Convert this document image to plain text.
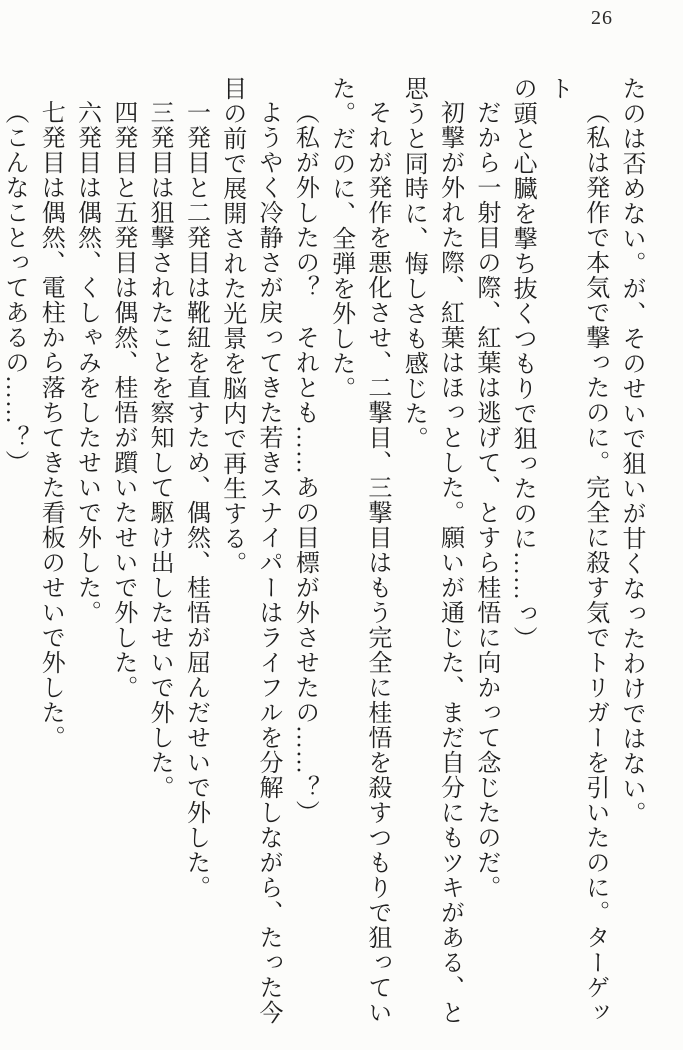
26

たのは否めない。が、そのせいで狙いが甘くなったわけではない。

（私は発作で本気で撃ったのに。完全に殺す気でトリガーを引いたのに。ターゲット

の頭と心臓を撃ち抜くつもりで狙ったのに……っ）

だから一射目の際、紅葉は逃げて、とすら桂悟に向かって念じたのだ。

初撃が外れた際、紅葉はほっとした。願いが通じた、まだ自分にもツキがある、と

思うと同時に、悔しさも感じた。

それが発作を悪化させ、二撃目、三撃目はもう完全に桂悟を殺すつもりで狙ってい

た。だのに、全弾を外した。

（私が外したの？　それとも……あの目標が外させたの……？）

ようやく冷静さが戻ってきた若きスナイパーはライフルを分解しながら、たった今

目の前で展開された光景を脳内で再生する。

一発目と二発目は靴紐を直すため、偶然、桂悟が屈んだせいで外した。

三発目は狙撃されたことを察知して駆け出したせいで外した。

四発目と五発目は偶然、桂悟が躓いたせいで外した。

六発目は偶然、くしゃみをしたせいで外した。

七発目は偶然、電柱から落ちてきた看板のせいで外した。

（こんなことってあるの……？）
